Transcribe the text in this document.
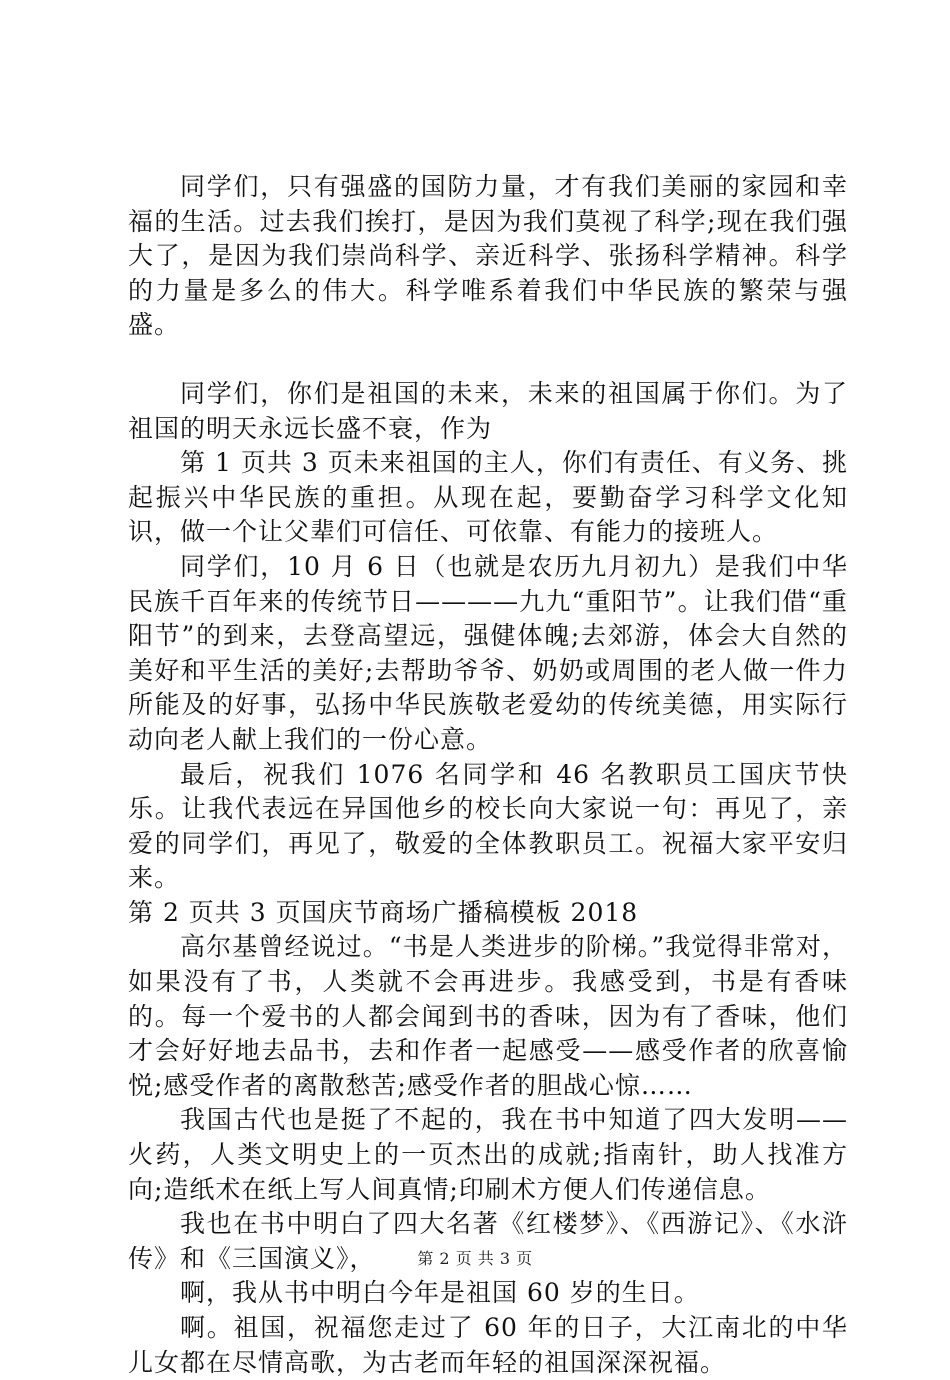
同学们，只有强盛的国防力量，才有我们美丽的家园和幸福的生活。过去我们挨打，是因为我们莫视了科学;现在我们强大了，是因为我们崇尚科学、亲近科学、张扬科学精神。科学的力量是多么的伟大。科学唯系着我们中华民族的繁荣与强盛。

同学们，你们是祖国的未来，未来的祖国属于你们。为了祖国的明天永远长盛不衰，作为

第 1 页共 3 页未来祖国的主人，你们有责任、有义务、挑起振兴中华民族的重担。从现在起，要勤奋学习科学文化知识，做一个让父辈们可信任、可依靠、有能力的接班人。

同学们，10 月 6 日（也就是农历九月初九）是我们中华民族千百年来的传统节日————九九“重阳节”。让我们借“重阳节”的到来，去登高望远，强健体魄;去郊游，体会大自然的美好和平生活的美好;去帮助爷爷、奶奶或周围的老人做一件力所能及的好事，弘扬中华民族敬老爱幼的传统美德，用实际行动向老人献上我们的一份心意。

最后，祝我们 1076 名同学和 46 名教职员工国庆节快乐。让我代表远在异国他乡的校长向大家说一句：再见了，亲爱的同学们，再见了，敬爱的全体教职员工。祝福大家平安归来。

第 2 页共 3 页国庆节商场广播稿模板 2018

高尔基曾经说过。“书是人类进步的阶梯。”我觉得非常对，如果没有了书，人类就不会再进步。我感受到，书是有香味的。每一个爱书的人都会闻到书的香味，因为有了香味，他们才会好好地去品书，去和作者一起感受——感受作者的欣喜愉悦;感受作者的离散愁苦;感受作者的胆战心惊……

我国古代也是挺了不起的，我在书中知道了四大发明——火药，人类文明史上的一页杰出的成就;指南针，助人找准方向;造纸术在纸上写人间真情;印刷术方便人们传递信息。

我也在书中明白了四大名著《红楼梦》、《西游记》、《水浒传》和《三国演义》，

啊，我从书中明白今年是祖国 60 岁的生日。

啊。祖国，祝福您走过了 60 年的日子，大江南北的中华儿女都在尽情高歌，为古老而年轻的祖国深深祝福。

第 2 页 共 3 页
